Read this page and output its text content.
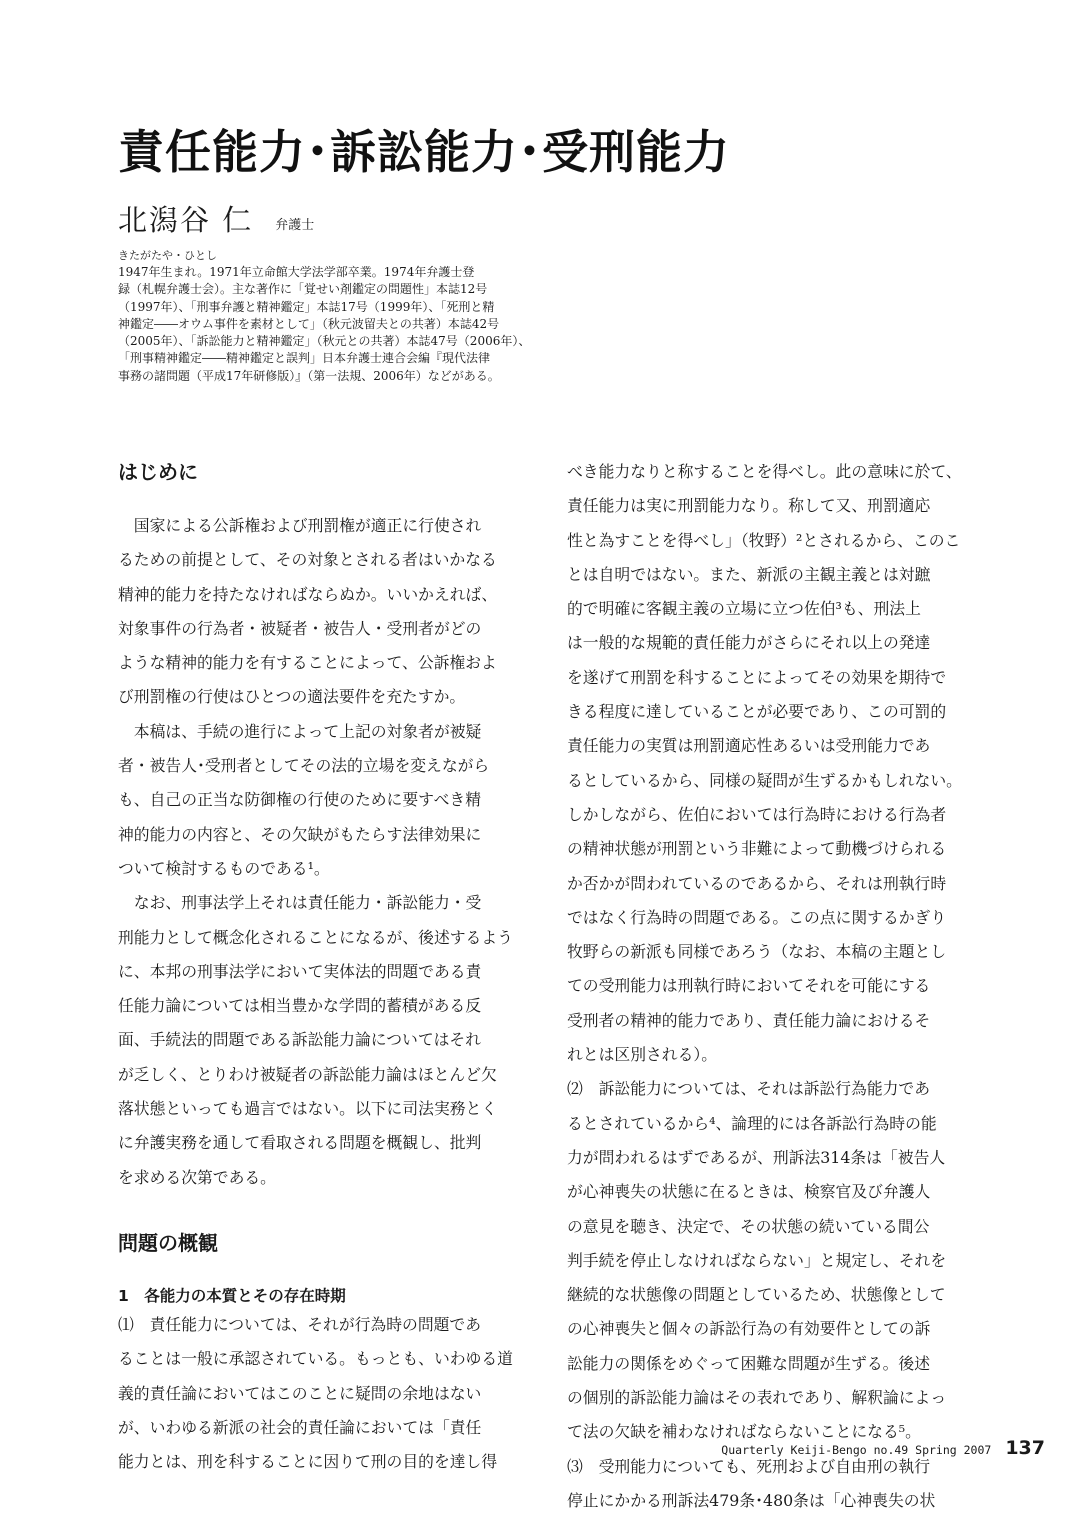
責任能力･訴訟能力･受刑能力
北潟谷 仁 弁護士
きたがたや・ひとし
1947年生まれ。1971年立命館大学法学部卒業。1974年弁護士登
録（札幌弁護士会）。主な著作に「覚せい剤鑑定の問題性」本誌12号
（1997年）、「刑事弁護と精神鑑定」本誌17号（1999年）、「死刑と精
神鑑定――オウム事件を素材として」（秋元波留夫との共著）本誌42号
（2005年）、「訴訟能力と精神鑑定」（秋元との共著）本誌47号（2006年）、
「刑事精神鑑定――精神鑑定と誤判」日本弁護士連合会編『現代法律
事務の諸問題（平成17年研修版）』（第一法規、2006年）などがある。
はじめに
　国家による公訴権および刑罰権が適正に行使され
るための前提として、その対象とされる者はいかなる
精神的能力を持たなければならぬか。いいかえれば、
対象事件の行為者・被疑者・被告人・受刑者がどの
ような精神的能力を有することによって、公訴権およ
び刑罰権の行使はひとつの適法要件を充たすか。
　本稿は、手続の進行によって上記の対象者が被疑
者・被告人･受刑者としてその法的立場を変えながら
も、自己の正当な防御権の行使のために要すべき精
神的能力の内容と、その欠缺がもたらす法律効果に
ついて検討するものである¹。
　なお、刑事法学上それは責任能力・訴訟能力・受
刑能力として概念化されることになるが、後述するよう
に、本邦の刑事法学において実体法的問題である責
任能力論については相当豊かな学問的蓄積がある反
面、手続法的問題である訴訟能力論についてはそれ
が乏しく、とりわけ被疑者の訴訟能力論はほとんど欠
落状態といっても過言ではない。以下に司法実務とく
に弁護実務を通して看取される問題を概観し、批判
を求める次第である。
問題の概観
1　各能力の本質とその存在時期
⑴　責任能力については、それが行為時の問題であ
ることは一般に承認されている。もっとも、いわゆる道
義的責任論においてはこのことに疑問の余地はない
が、いわゆる新派の社会的責任論においては「責任
能力とは、刑を科することに因りて刑の目的を達し得
べき能力なりと称することを得べし。此の意味に於て、
責任能力は実に刑罰能力なり。称して又、刑罰適応
性と為すことを得べし」（牧野）²とされるから、このこ
とは自明ではない。また、新派の主観主義とは対蹠
的で明確に客観主義の立場に立つ佐伯³も、刑法上
は一般的な規範的責任能力がさらにそれ以上の発達
を遂げて刑罰を科することによってその効果を期待で
きる程度に達していることが必要であり、この可罰的
責任能力の実質は刑罰適応性あるいは受刑能力であ
るとしているから、同様の疑問が生ずるかもしれない。
しかしながら、佐伯においては行為時における行為者
の精神状態が刑罰という非難によって動機づけられる
か否かが問われているのであるから、それは刑執行時
ではなく行為時の問題である。この点に関するかぎり
牧野らの新派も同様であろう（なお、本稿の主題とし
ての受刑能力は刑執行時においてそれを可能にする
受刑者の精神的能力であり、責任能力論におけるそ
れとは区別される）。
⑵　訴訟能力については、それは訴訟行為能力であ
るとされているから⁴、論理的には各訴訟行為時の能
力が問われるはずであるが、刑訴法314条は「被告人
が心神喪失の状態に在るときは、検察官及び弁護人
の意見を聴き、決定で、その状態の続いている間公
判手続を停止しなければならない」と規定し、それを
継続的な状態像の問題としているため、状態像として
の心神喪失と個々の訴訟行為の有効要件としての訴
訟能力の関係をめぐって困難な問題が生ずる。後述
の個別的訴訟能力論はその表れであり、解釈論によっ
て法の欠缺を補わなければならないことになる⁵。
⑶　受刑能力についても、死刑および自由刑の執行
停止にかかる刑訴法479条･480条は「心神喪失の状
Quarterly Keiji-Bengo no.49 Spring 2007 137
